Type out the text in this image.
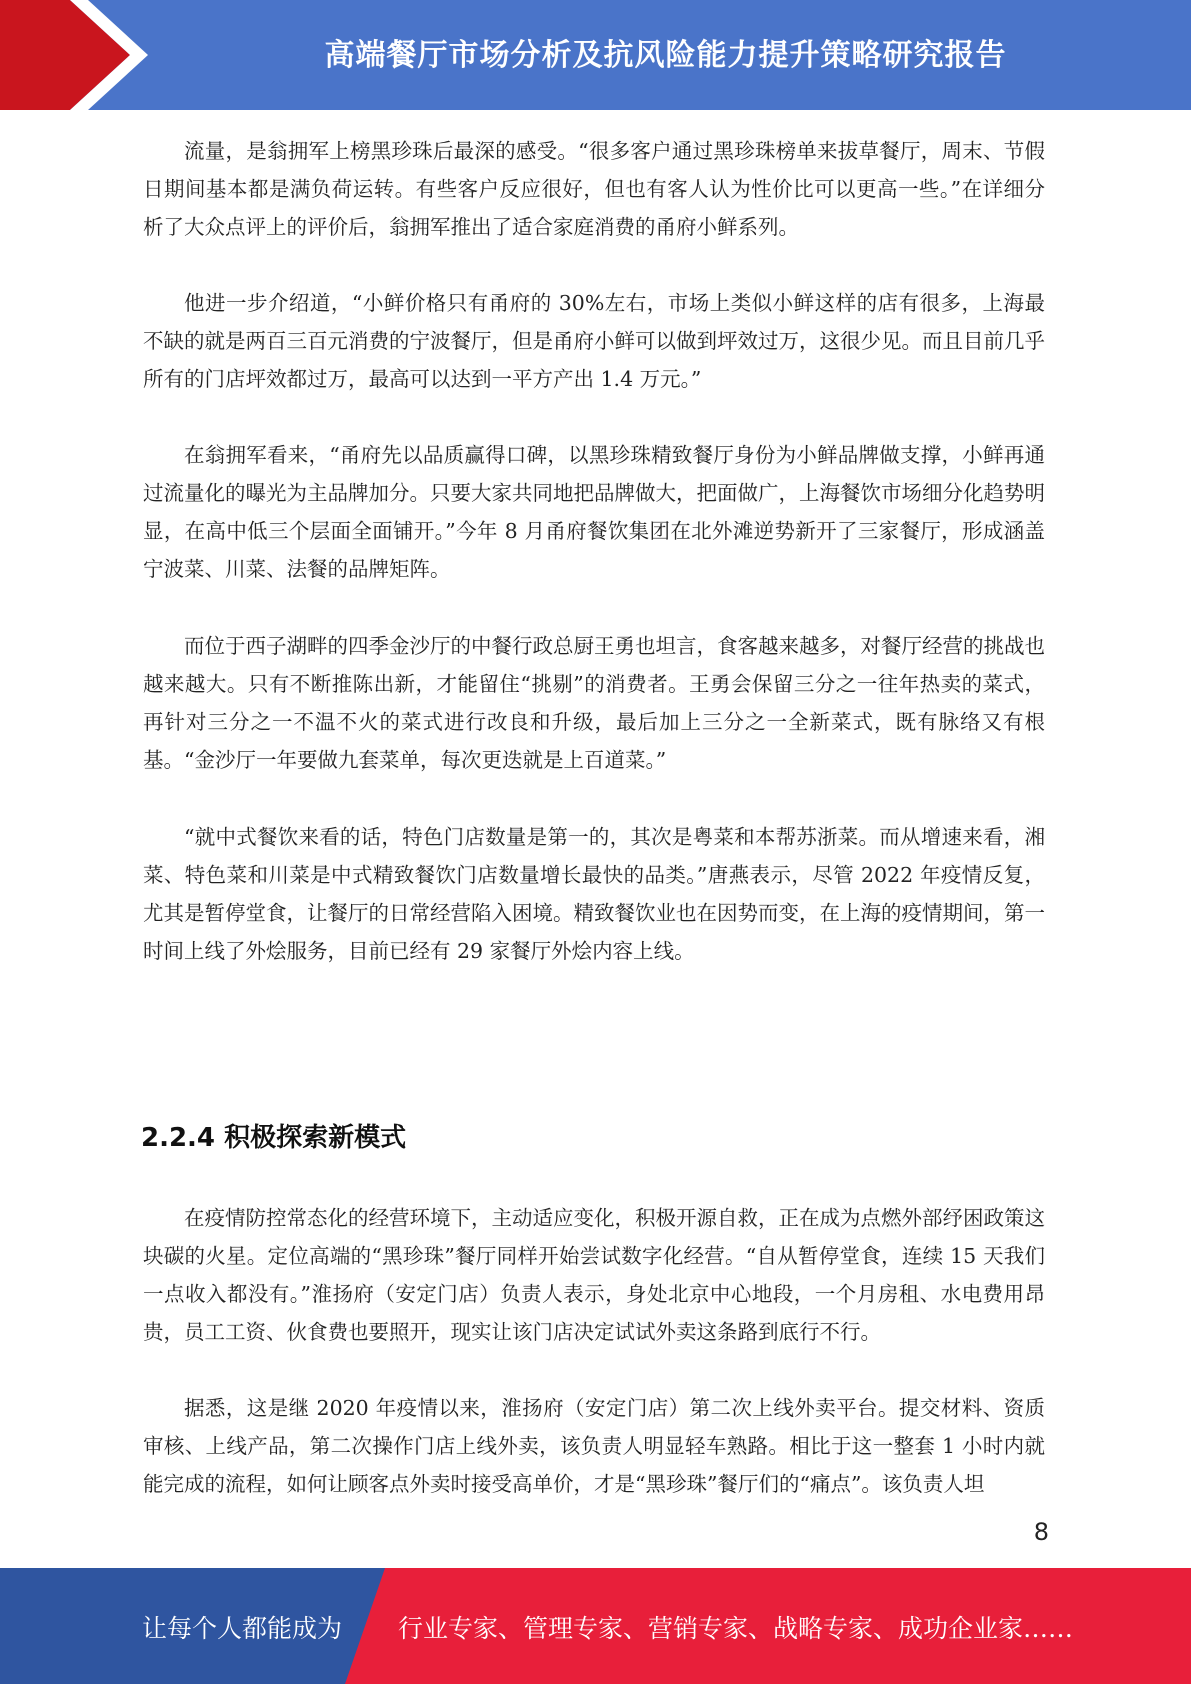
高端餐厅市场分析及抗风险能力提升策略研究报告

流量，是翁拥军上榜黑珍珠后最深的感受。“很多客户通过黑珍珠榜单来拔草餐厅，周末、节假日期间基本都是满负荷运转。有些客户反应很好，但也有客人认为性价比可以更高一些。”在详细分析了大众点评上的评价后，翁拥军推出了适合家庭消费的甬府小鲜系列。

他进一步介绍道，“小鲜价格只有甬府的 30%左右，市场上类似小鲜这样的店有很多，上海最不缺的就是两百三百元消费的宁波餐厅，但是甬府小鲜可以做到坪效过万，这很少见。而且目前几乎所有的门店坪效都过万，最高可以达到一平方产出 1.4 万元。”

在翁拥军看来，“甬府先以品质赢得口碑，以黑珍珠精致餐厅身份为小鲜品牌做支撑，小鲜再通过流量化的曝光为主品牌加分。只要大家共同地把品牌做大，把面做广，上海餐饮市场细分化趋势明显，在高中低三个层面全面铺开。”今年 8 月甬府餐饮集团在北外滩逆势新开了三家餐厅，形成涵盖宁波菜、川菜、法餐的品牌矩阵。

而位于西子湖畔的四季金沙厅的中餐行政总厨王勇也坦言，食客越来越多，对餐厅经营的挑战也越来越大。只有不断推陈出新，才能留住“挑剔”的消费者。王勇会保留三分之一往年热卖的菜式，再针对三分之一不温不火的菜式进行改良和升级，最后加上三分之一全新菜式，既有脉络又有根基。“金沙厅一年要做九套菜单，每次更迭就是上百道菜。”

“就中式餐饮来看的话，特色门店数量是第一的，其次是粤菜和本帮苏浙菜。而从增速来看，湘菜、特色菜和川菜是中式精致餐饮门店数量增长最快的品类。”唐燕表示，尽管 2022 年疫情反复，尤其是暂停堂食，让餐厅的日常经营陷入困境。精致餐饮业也在因势而变，在上海的疫情期间，第一时间上线了外烩服务，目前已经有 29 家餐厅外烩内容上线。

2.2.4 积极探索新模式

在疫情防控常态化的经营环境下，主动适应变化，积极开源自救，正在成为点燃外部纾困政策这块碳的火星。定位高端的“黑珍珠”餐厅同样开始尝试数字化经营。“自从暂停堂食，连续 15 天我们一点收入都没有。”淮扬府（安定门店）负责人表示，身处北京中心地段，一个月房租、水电费用昂贵，员工工资、伙食费也要照开，现实让该门店决定试试外卖这条路到底行不行。

据悉，这是继 2020 年疫情以来，淮扬府（安定门店）第二次上线外卖平台。提交材料、资质审核、上线产品，第二次操作门店上线外卖，该负责人明显轻车熟路。相比于这一整套 1 小时内就能完成的流程，如何让顾客点外卖时接受高单价，才是“黑珍珠”餐厅们的“痛点”。该负责人坦

8
让每个人都能成为 行业专家、管理专家、营销专家、战略专家、成功企业家……
